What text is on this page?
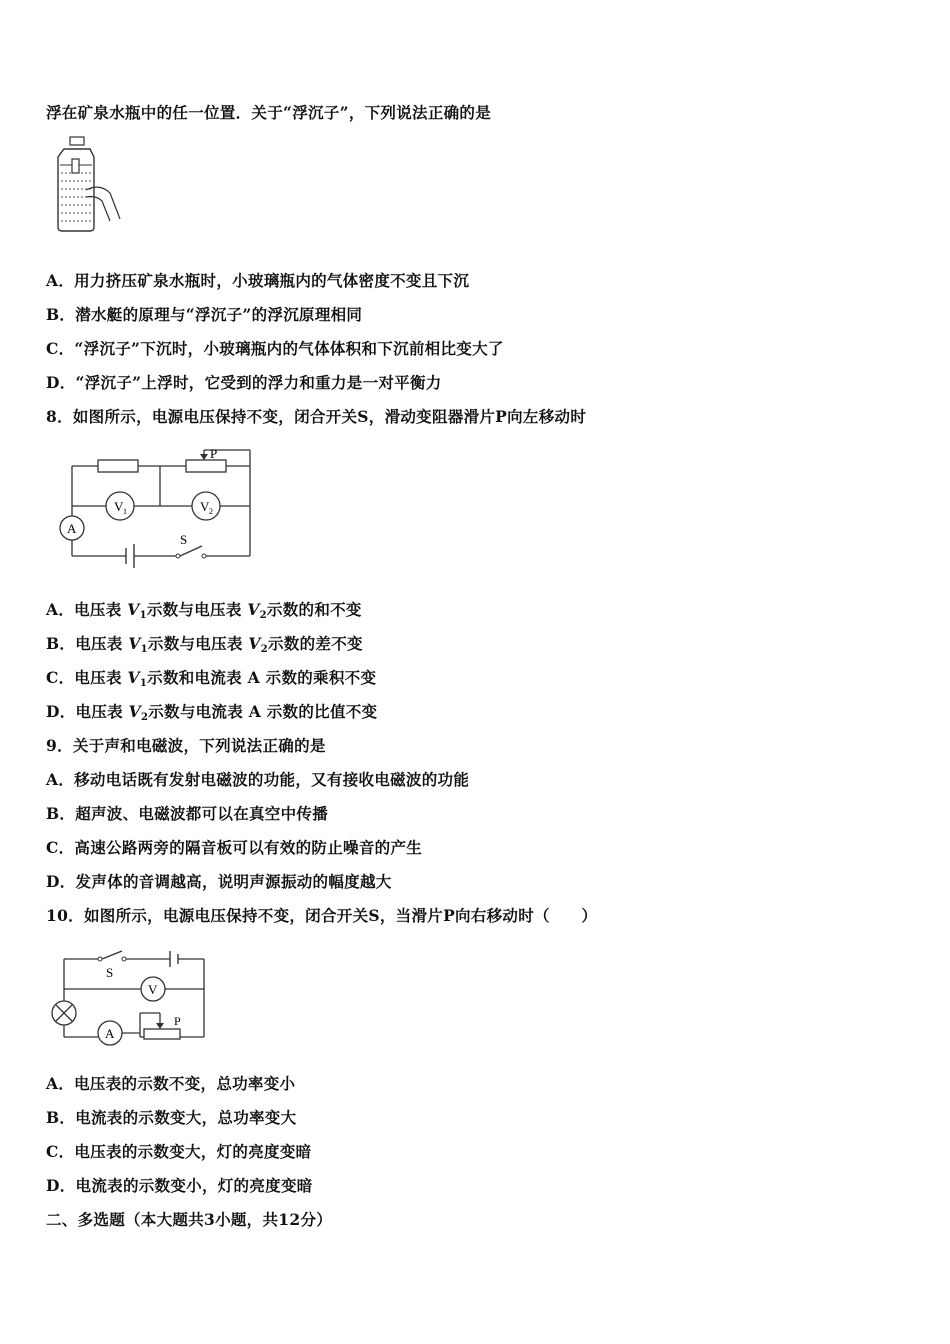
浮在矿泉水瓶中的任一位置．关于“浮沉子”，下列说法正确的是
A．用力挤压矿泉水瓶时，小玻璃瓶内的气体密度不变且下沉
B．潜水艇的原理与“浮沉子”的浮沉原理相同
C．“浮沉子”下沉时，小玻璃瓶内的气体体积和下沉前相比变大了
D．“浮沉子”上浮时，它受到的浮力和重力是一对平衡力
8．如图所示，电源电压保持不变，闭合开关S，滑动变阻器滑片P向左移动时
P
V 1	V 2
A
S
A．电压表 $V_1$示数与电压表 $V_2$示数的和不变
B．电压表 $V_1$示数与电压表 $V_2$示数的差不变
C．电压表 $V_1$示数和电流表 A 示数的乘积不变
D．电压表 $V_2$示数与电流表 A 示数的比值不变
9．关于声和电磁波，下列说法正确的是
A．移动电话既有发射电磁波的功能，又有接收电磁波的功能
B．超声波、电磁波都可以在真空中传播
C．高速公路两旁的隔音板可以有效的防止噪音的产生
D．发声体的音调越高，说明声源振动的幅度越大
10．如图所示，电源电压保持不变，闭合开关S，当滑片P向右移动时（　　）
S
V
A
P
A．电压表的示数不变，总功率变小
B．电流表的示数变大，总功率变大
C．电压表的示数变大，灯的亮度变暗
D．电流表的示数变小，灯的亮度变暗
二、多选题（本大题共3小题，共12分）
